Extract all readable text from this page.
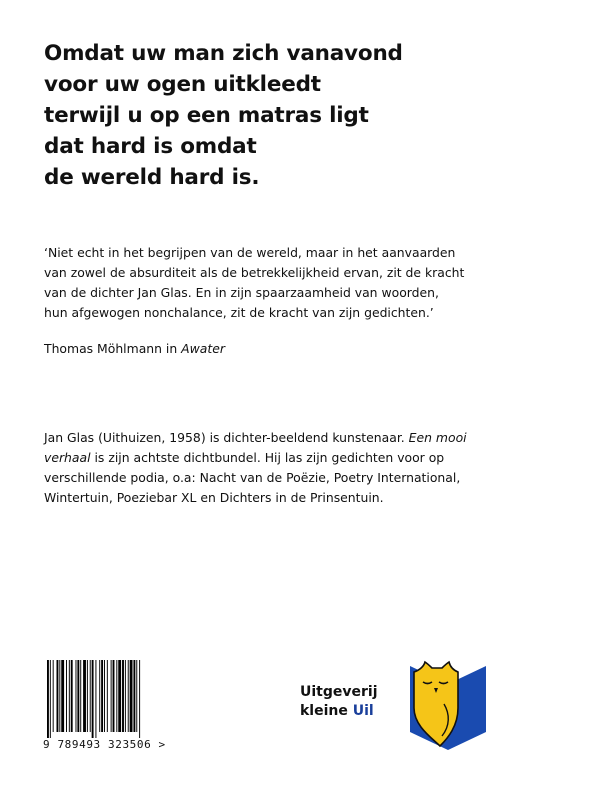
Omdat uw man zich vanavond
voor uw ogen uitkleedt
terwijl u op een matras ligt
dat hard is omdat
de wereld hard is.

‘Niet echt in het begrijpen van de wereld, maar in het aanvaarden
van zowel de absurditeit als de betrekkelijkheid ervan, zit de kracht
van de dichter Jan Glas. En in zijn spaarzaamheid van woorden,
hun afgewogen nonchalance, zit de kracht van zijn gedichten.’

Thomas Möhlmann in Awater

Jan Glas (Uithuizen, 1958) is dichter-beeldend kunstenaar. Een mooi
verhaal is zijn achtste dichtbundel. Hij las zijn gedichten voor op
verschillende podia, o.a: Nacht van de Poëzie, Poetry International,
Wintertuin, Poeziebar XL en Dichters in de Prinsentuin.

9 789493 323506 >
Uitgeverij
kleine Uil
